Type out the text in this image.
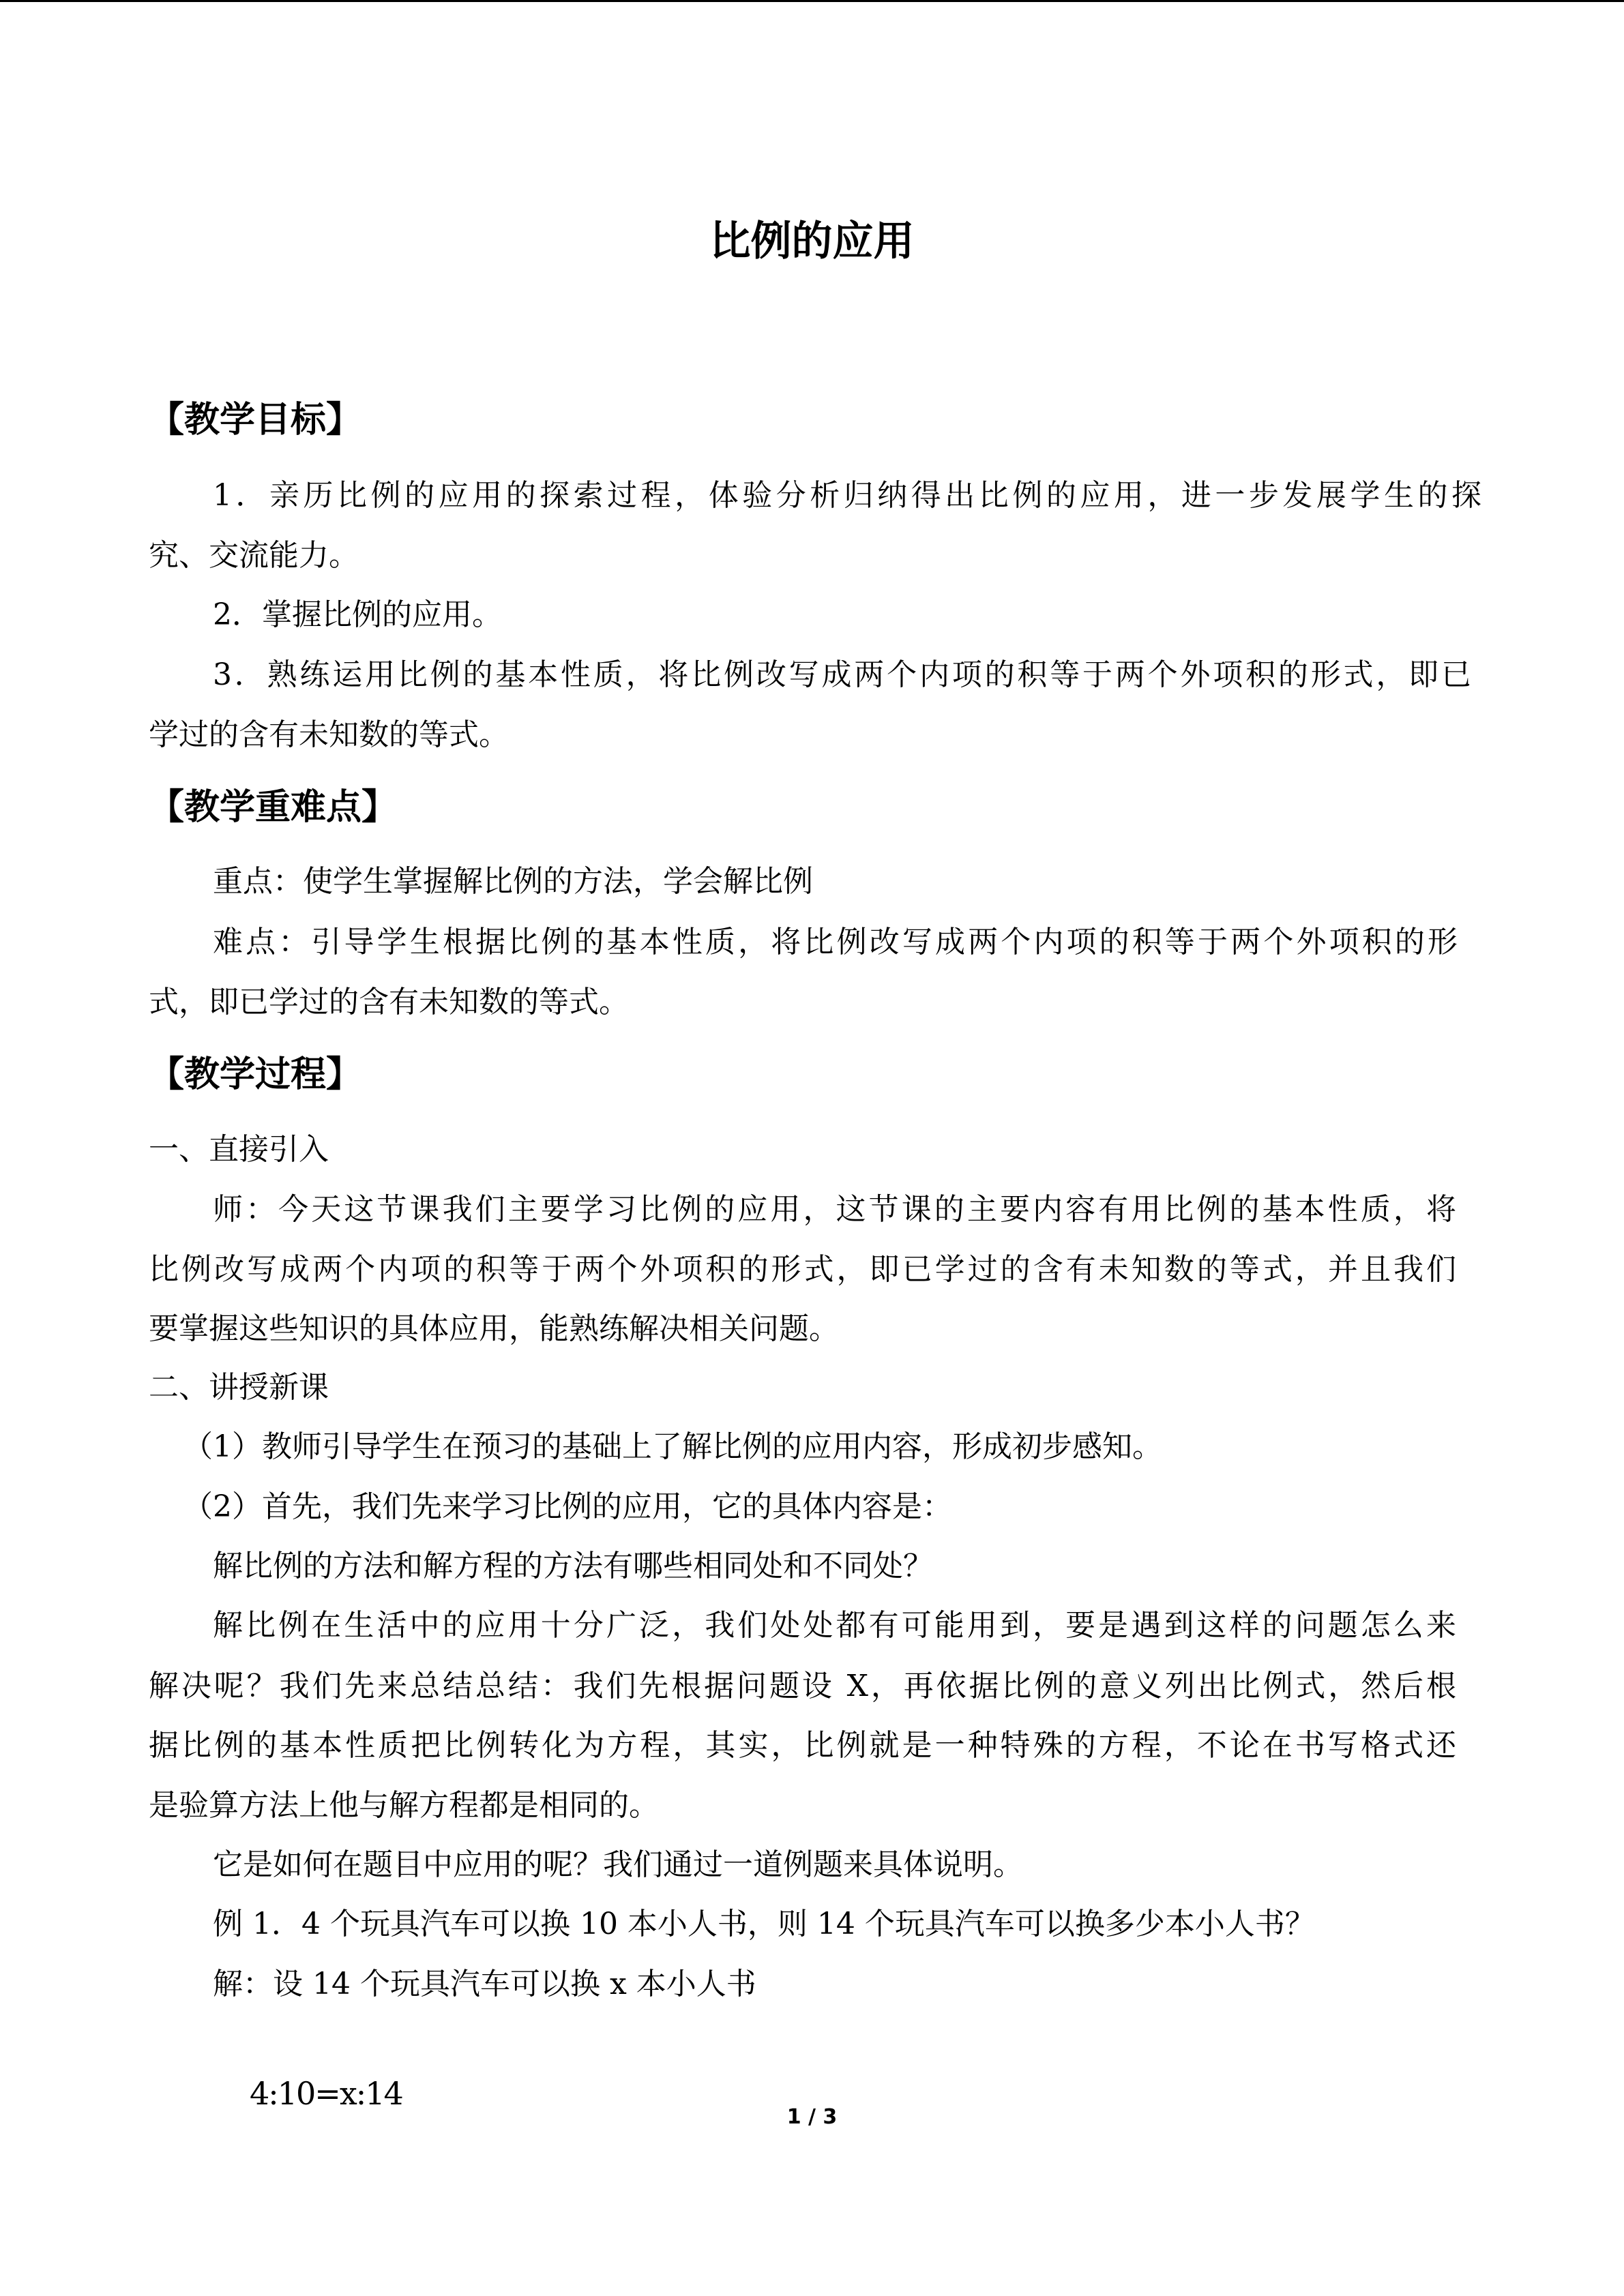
比例的应用
【教学目标】
1．亲历比例的应用的探索过程，体验分析归纳得出比例的应用，进一步发展学生的探
究、交流能力。
2．掌握比例的应用。
3．熟练运用比例的基本性质，将比例改写成两个内项的积等于两个外项积的形式，即已
学过的含有未知数的等式。
【教学重难点】
重点：使学生掌握解比例的方法，学会解比例
难点：引导学生根据比例的基本性质，将比例改写成两个内项的积等于两个外项积的形
式，即已学过的含有未知数的等式。
【教学过程】
一、直接引入
师：今天这节课我们主要学习比例的应用，这节课的主要内容有用比例的基本性质，将
比例改写成两个内项的积等于两个外项积的形式，即已学过的含有未知数的等式，并且我们
要掌握这些知识的具体应用，能熟练解决相关问题。
二、讲授新课
（1）教师引导学生在预习的基础上了解比例的应用内容，形成初步感知。
（2）首先，我们先来学习比例的应用，它的具体内容是：
解比例的方法和解方程的方法有哪些相同处和不同处？
解比例在生活中的应用十分广泛，我们处处都有可能用到，要是遇到这样的问题怎么来
解决呢？我们先来总结总结：我们先根据问题设 X，再依据比例的意义列出比例式，然后根
据比例的基本性质把比例转化为方程，其实，比例就是一种特殊的方程，不论在书写格式还
是验算方法上他与解方程都是相同的。
它是如何在题目中应用的呢？我们通过一道例题来具体说明。
例 1．4 个玩具汽车可以换 10 本小人书，则 14 个玩具汽车可以换多少本小人书？
解：设 14 个玩具汽车可以换 x 本小人书
4:10=x:14
1 / 3
